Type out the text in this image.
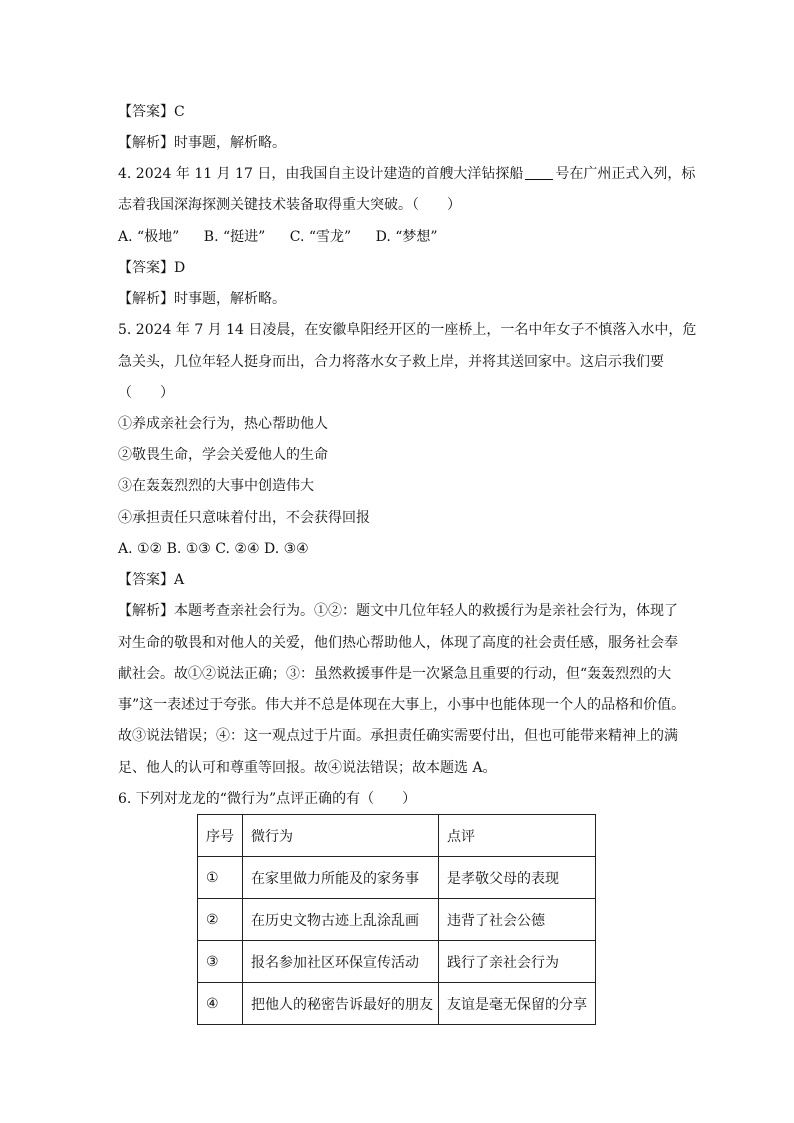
【答案】C
【解析】时事题，解析略。
4. 2024 年 11 月 17 日，由我国自主设计建造的首艘大洋钻探船 号在广州正式入列，标
志着我国深海探测关键技术装备取得重大突破。（　　）
A. “极地” B. “挺进” C. “雪龙” D. “梦想”
【答案】D
【解析】时事题，解析略。
5. 2024 年 7 月 14 日凌晨，在安徽阜阳经开区的一座桥上，一名中年女子不慎落入水中，危
急关头，几位年轻人挺身而出，合力将落水女子救上岸，并将其送回家中。这启示我们要
（　　）
①养成亲社会行为，热心帮助他人
②敬畏生命，学会关爱他人的生命
③在轰轰烈烈的大事中创造伟大
④承担责任只意味着付出，不会获得回报
A. ①② B. ①③ C. ②④ D. ③④
【答案】A
【解析】本题考查亲社会行为。①②：题文中几位年轻人的救援行为是亲社会行为，体现了
对生命的敬畏和对他人的关爱，他们热心帮助他人，体现了高度的社会责任感，服务社会奉
献社会。故①②说法正确；③：虽然救援事件是一次紧急且重要的行动，但“轰轰烈烈的大
事”这一表述过于夸张。伟大并不总是体现在大事上，小事中也能体现一个人的品格和价值。
故③说法错误；④：这一观点过于片面。承担责任确实需要付出，但也可能带来精神上的满
足、他人的认可和尊重等回报。故④说法错误；故本题选 A。
6. 下列对龙龙的“微行为”点评正确的有（　　）
序号	微行为	点评
①	在家里做力所能及的家务事	是孝敬父母的表现
②	在历史文物古迹上乱涂乱画	违背了社会公德
③	报名参加社区环保宣传活动	践行了亲社会行为
④	把他人的秘密告诉最好的朋友	友谊是毫无保留的分享
